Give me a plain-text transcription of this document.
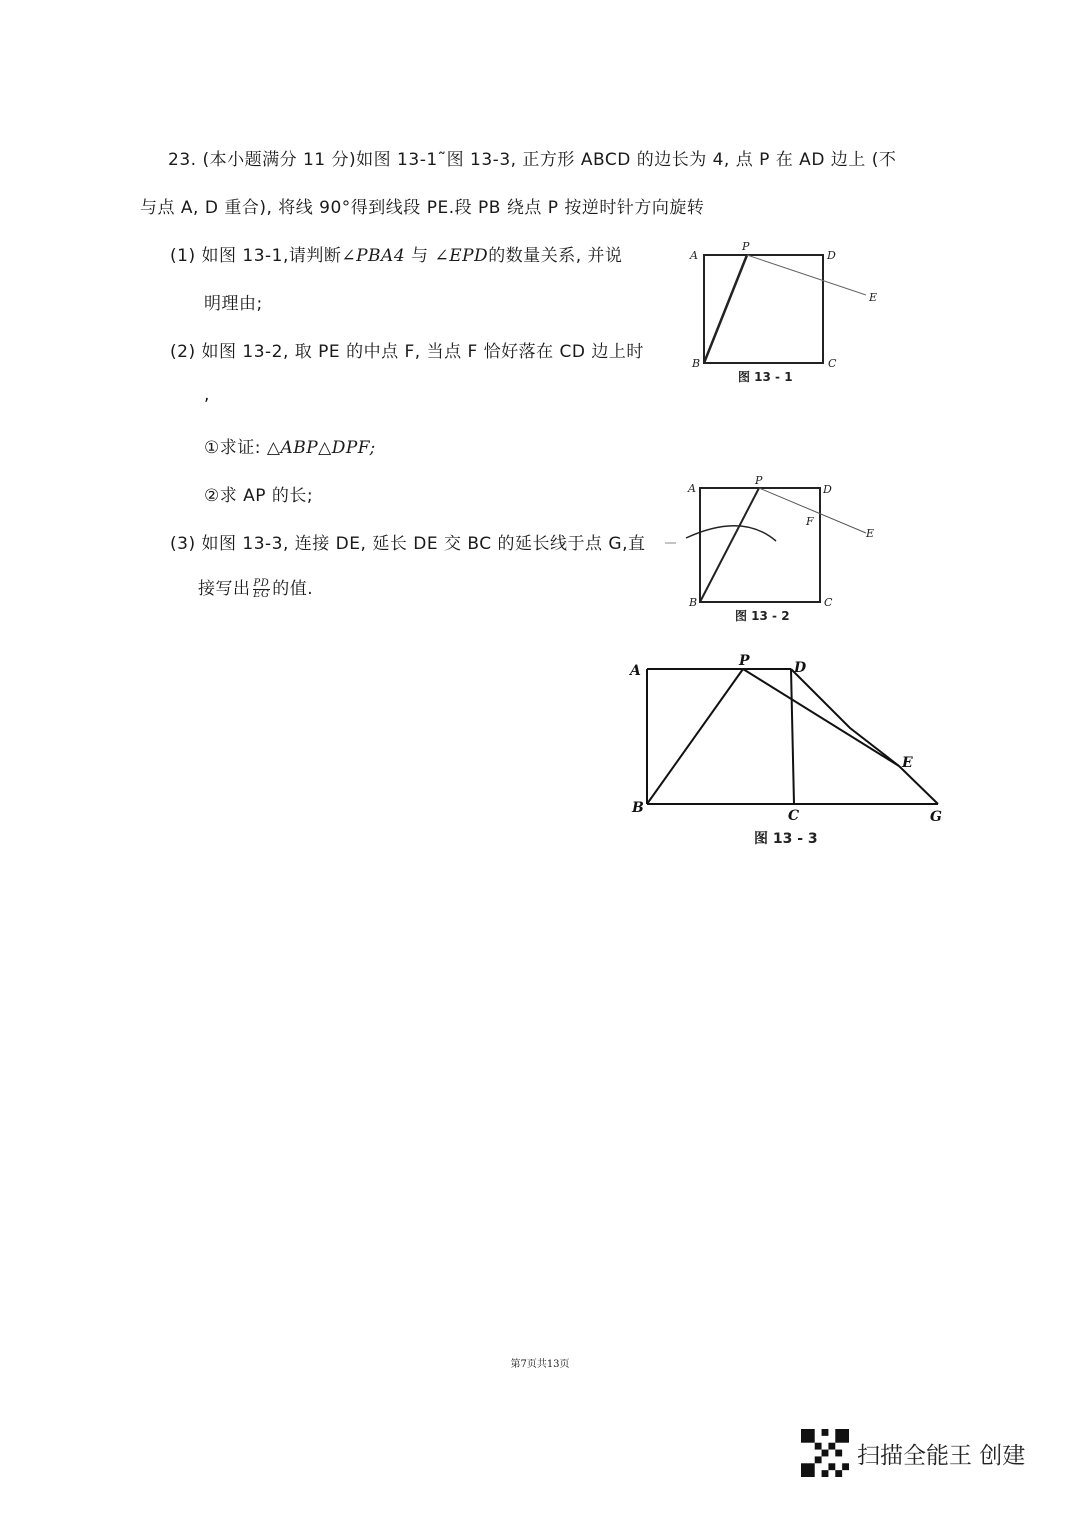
23. (本小题满分 11 分)如图 13-1˜图 13-3, 正方形 ABCD 的边长为 4, 点 P 在 AD 边上 (不
与点 A, D 重合), 将线 90°得到线段 PE.段 PB 绕点 P 按逆时针方向旋转
(1) 如图 13-1,请判断∠PBA4 与 ∠EPD的数量关系, 并说
明理由;
(2) 如图 13-2, 取 PE 的中点 F, 当点 F 恰好落在 CD 边上时
,
①求证: △ABP△DPF;
②求 AP 的长;
(3) 如图 13-3, 连接 DE, 延长 DE 交 BC 的延长线于点 G,直
接写出 $\frac{PD}{EG}$ 的值.
A
P
D
E
B	C
图 13 - 1
A
P
D
F
E
B	C
图 13 - 2
A
P	D
E
B	C	G
图 13 - 3
第7页共13页
扫描全能王 创建
